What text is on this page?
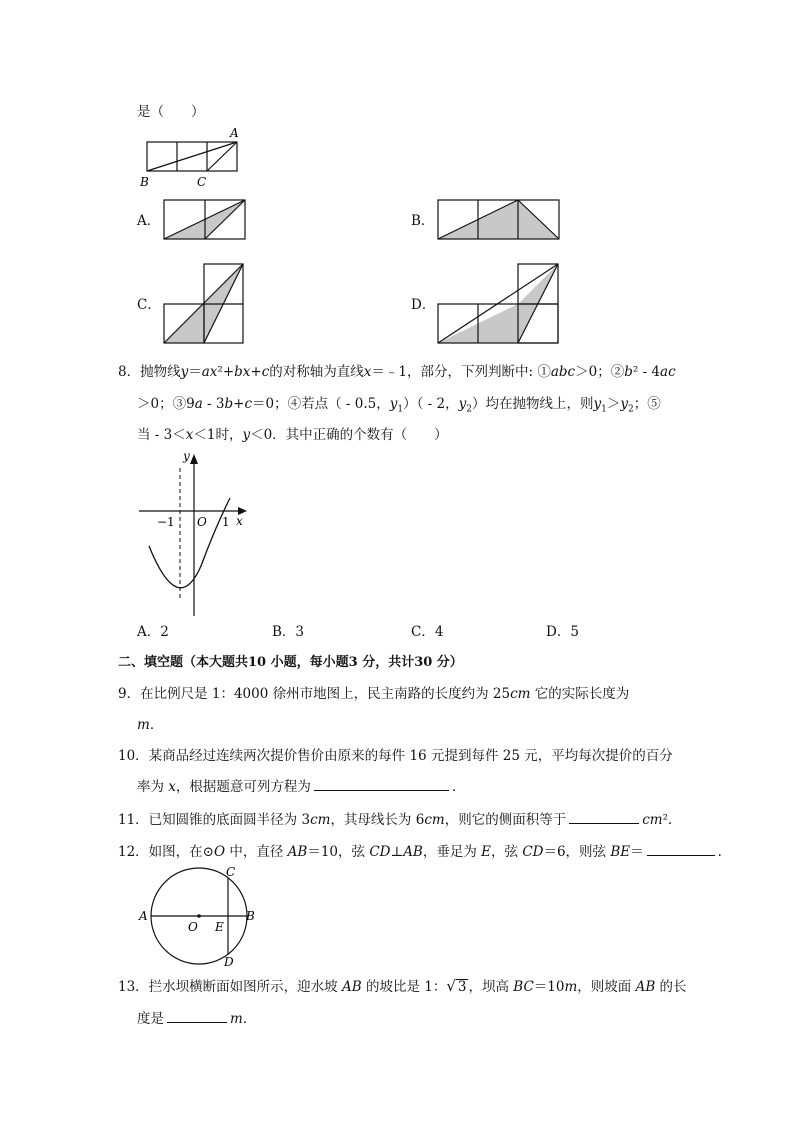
是（　　）
A
B	C
A．	B．
C．	D．
8．抛物线y＝ax²+bx+c的对称轴为直线x＝﹣1，部分，下列判断中: ①abc＞0；②b² - 4ac
＞0；③9a - 3b+c＝0；④若点（ - 0.5，$y_1)( - 2$，$y_2$）均在抛物线上，则$y_1>y_2$；⑤
当 - 3＜x＜1时，y＜0．其中正确的个数有（　　）
y
x
O
−1	1
A．2	B．3	C．4	D．5
二、填空题（本大题共10 小题，每小题3 分，共计30 分）
9．在比例尺是 1：4000 徐州市地图上，民主南路的长度约为 25cm 它的实际长度为
m．
10．某商品经过连续两次提价售价由原来的每件 16 元提到每件 25 元，平均每次提价的百分
率为 x，根据题意可列方程为	．
11．已知圆锥的底面圆半径为 3cm，其母线长为 6cm，则它的侧面积等于	cm²．
12．如图，在⊙O 中，直径 AB＝10，弦 CD⊥AB，垂足为 E，弦 CD＝6，则弦 BE＝	．
A	B
C
D
O E
13．拦水坝横断面如图所示，迎水坡 AB 的坡比是 1：√ 3 ，坝高 BC＝10m，则坡面 AB 的长
度是	m．
